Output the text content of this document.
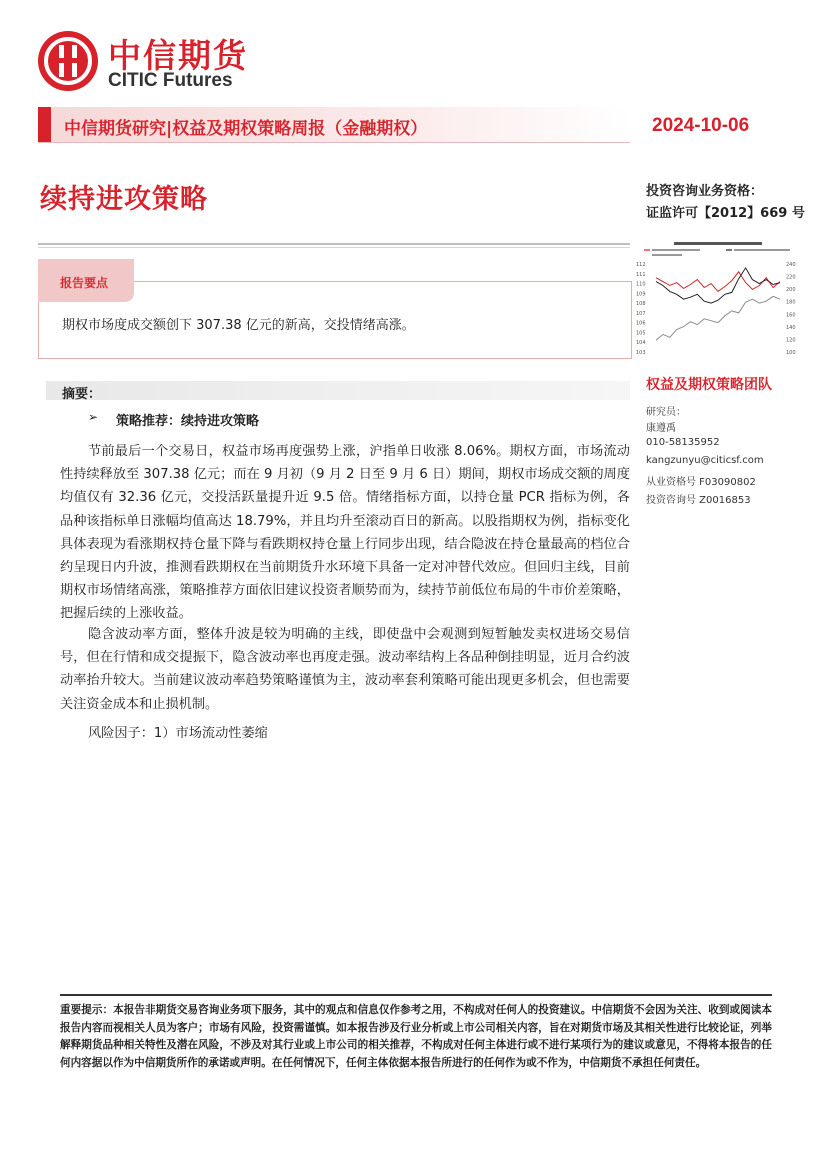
中信期货
CITIC Futures
中信期货研究|权益及期权策略周报（金融期权）	2024-10-06
续持进攻策略	投资咨询业务资格：
证监许可【2012】669 号
报告要点
期权市场度成交额创下 307.38 亿元的新高，交投情绪高涨。
摘要：
➢ 策略推荐：续持进攻策略

节前最后一个交易日，权益市场再度强势上涨，沪指单日收涨 8.06%。期权方面，市场流动性持续释放至 307.38 亿元；而在 9 月初（9 月 2 日至 9 月 6 日）期间，期权市场成交额的周度均值仅有 32.36 亿元，交投活跃量提升近 9.5 倍。情绪指标方面，以持仓量 PCR 指标为例，各品种该指标单日涨幅均值高达 18.79%，并且均升至滚动百日的新高。以股指期权为例，指标变化具体表现为看涨期权持仓量下降与看跌期权持仓量上行同步出现，结合隐波在持仓量最高的档位合约呈现日内升波，推测看跌期权在当前期货升水环境下具备一定对冲替代效应。但回归主线，目前期权市场情绪高涨，策略推荐方面依旧建议投资者顺势而为，续持节前低位布局的牛市价差策略，把握后续的上涨收益。

隐含波动率方面，整体升波是较为明确的主线，即使盘中会观测到短暂触发卖权进场交易信号，但在行情和成交提振下，隐含波动率也再度走强。波动率结构上各品种倒挂明显，近月合约波动率抬升较大。当前建议波动率趋势策略谨慎为主，波动率套利策略可能出现更多机会，但也需要关注资金成本和止损机制。

风险因子：1）市场流动性萎缩

112
111
110
109
108
107
106
105
104
103
240
220
200
180
160
140
120
100
权益及期权策略团队
研究员：
康遵禹
010-58135952
kangzunyu@citicsf.com
从业资格号 F03090802
投资咨询号 Z0016853

重要提示：本报告非期货交易咨询业务项下服务，其中的观点和信息仅作参考之用，不构成对任何人的投资建议。中信期货不会因为关注、收到或阅读本报告内容而视相关人员为客户；市场有风险，投资需谨慎。如本报告涉及行业分析或上市公司相关内容，旨在对期货市场及其相关性进行比较论证，列举解释期货品种相关特性及潜在风险，不涉及对其行业或上市公司的相关推荐，不构成对任何主体进行或不进行某项行为的建议或意见，不得将本报告的任何内容据以作为中信期货所作的承诺或声明。在任何情况下，任何主体依据本报告所进行的任何作为或不作为，中信期货不承担任何责任。
